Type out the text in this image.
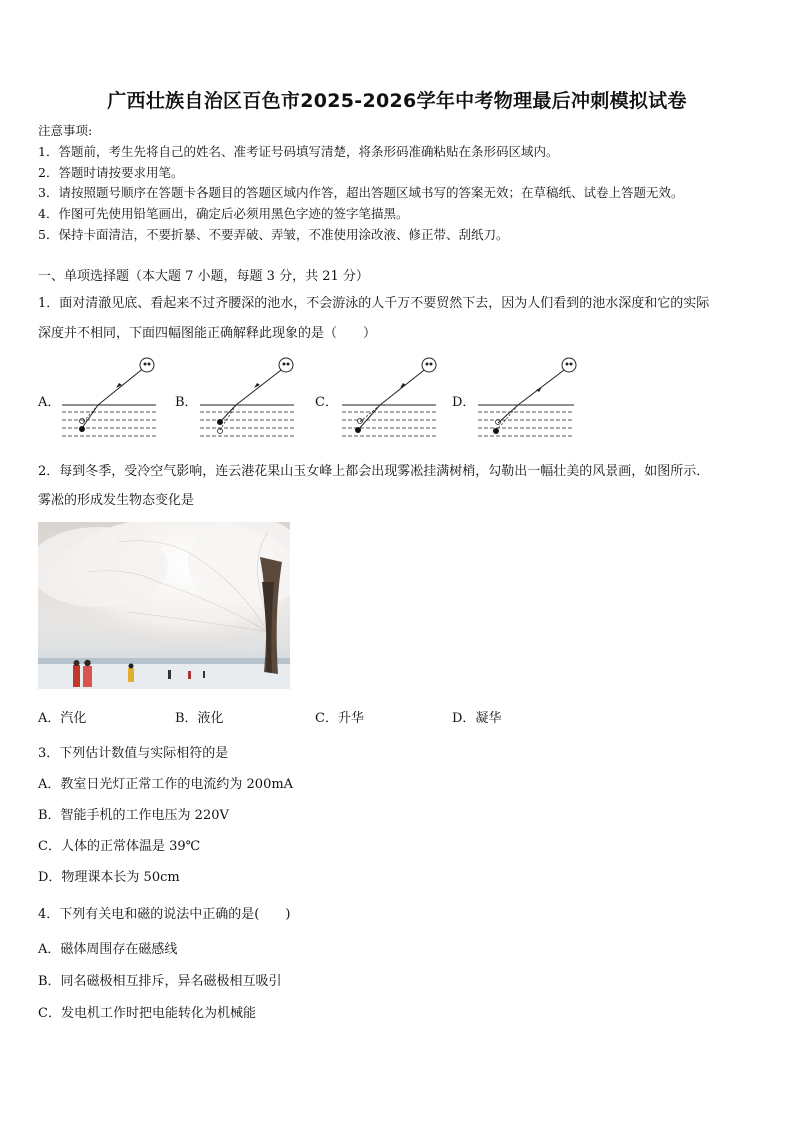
广西壮族自治区百色市2025-2026学年中考物理最后冲刺模拟试卷
注意事项:
1．答题前，考生先将自己的姓名、准考证号码填写清楚，将条形码准确粘贴在条形码区域内。
2．答题时请按要求用笔。
3．请按照题号顺序在答题卡各题目的答题区域内作答，超出答题区域书写的答案无效；在草稿纸、试卷上答题无效。
4．作图可先使用铅笔画出，确定后必须用黑色字迹的签字笔描黑。
5．保持卡面清洁，不要折暴、不要弄破、弄皱，不准使用涂改液、修正带、刮纸刀。
一、单项选择题（本大题 7 小题，每题 3 分，共 21 分）
1．面对清澈见底、看起来不过齐腰深的池水，不会游泳的人千万不要贸然下去，因为人们看到的池水深度和它的实际
深度并不相同，下面四幅图能正确解释此现象的是（　　）
A．	B．	C．	D．
2．每到冬季，受冷空气影响，连云港花果山玉女峰上都会出现雾凇挂满树梢，勾勒出一幅壮美的风景画，如图所示．
雾凇的形成发生物态变化是
A．汽化	B．液化	C．升华	D．凝华
3．下列估计数值与实际相符的是
A．教室日光灯正常工作的电流约为 200mA
B．智能手机的工作电压为 220V
C．人体的正常体温是 39℃
D．物理课本长为 50cm
4．下列有关电和磁的说法中正确的是(　　)
A．磁体周围存在磁感线
B．同名磁极相互排斥，异名磁极相互吸引
C．发电机工作时把电能转化为机械能
